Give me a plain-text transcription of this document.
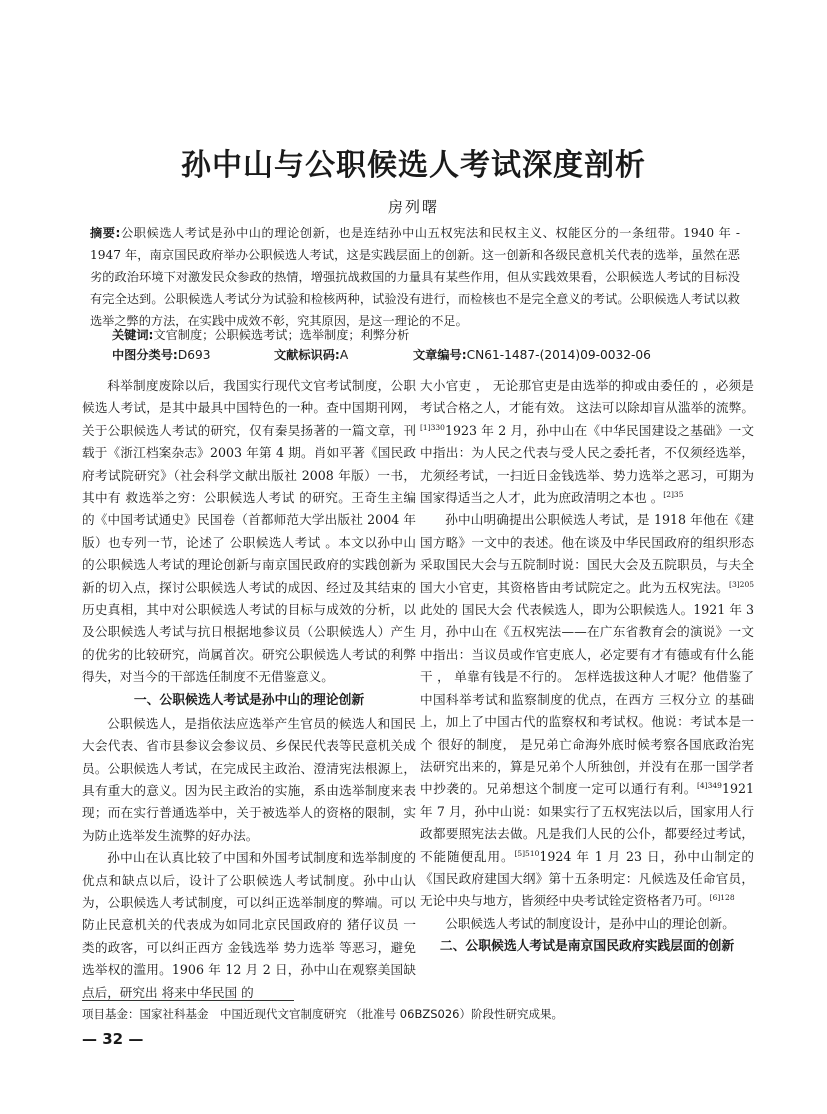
孙中山与公职候选人考试深度剖析
房列曙
摘要:公职候选人考试是孙中山的理论创新，也是连结孙中山五权宪法和民权主义、权能区分的一条纽带。1940 年 - 1947 年，南京国民政府举办公职候选人考试，这是实践层面上的创新。这一创新和各级民意机关代表的选举，虽然在恶劣的政治环境下对激发民众参政的热情，增强抗战救国的力量具有某些作用，但从实践效果看，公职候选人考试的目标没有完全达到。公职候选人考试分为试验和检核两种，试验没有进行，而检核也不是完全意义的考试。公职候选人考试以救选举之弊的方法，在实践中成效不彰，究其原因，是这一理论的不足。
关键词:文官制度；公职候选考试；选举制度；利弊分析
中图分类号:D693	文献标识码:A	文章编号:CN61-1487-(2014)09-0032-06

科举制度废除以后，我国实行现代文官考试制度，公职候选人考试，是其中最具中国特色的一种。查中国期刊网，关于公职候选人考试的研究，仅有秦昊扬著的一篇文章，刊载于《浙江档案杂志》2003 年第 4 期。肖如平著《国民政府考试院研究》（社会科学文献出版社 2008 年版）一书，其中有 救选举之穷：公职候选人考试 的研究。王奇生主编的《中国考试通史》民国卷（首都师范大学出版社 2004 年版）也专列一节，论述了 公职候选人考试 。本文以孙中山的公职候选人考试的理论创新与南京国民政府的实践创新为新的切入点，探讨公职候选人考试的成因、经过及其结束的历史真相，其中对公职候选人考试的目标与成效的分析，以及公职候选人考试与抗日根据地参议员（公职候选人）产生的优劣的比较研究，尚属首次。研究公职候选人考试的利弊得失，对当今的干部选任制度不无借鉴意义。

一、公职候选人考试是孙中山的理论创新

公职候选人，是指依法应选举产生官员的候选人和国民大会代表、省市县参议会参议员、乡保民代表等民意机关成员。公职候选人考试，在完成民主政治、澄清宪法根源上，具有重大的意义。因为民主政治的实施，系由选举制度来表现；而在实行普通选举中，关于被选举人的资格的限制，实为防止选举发生流弊的好办法。

孙中山在认真比较了中国和外国考试制度和选举制度的优点和缺点以后，设计了公职候选人考试制度。孙中山认为，公职候选人考试制度，可以纠正选举制度的弊端。可以防止民意机关的代表成为如同北京民国政府的 猪仔议员 一类的政客，可以纠正西方 金钱选举 势力选举 等恶习，避免选举权的滥用。1906 年 12 月 2 日，孙中山在观察美国缺点后，研究出 将来中华民国 的

大小官吏 ， 无论那官吏是由选举的抑或由委任的 ，必须是考试合格之人，才能有效。 这法可以除却盲从滥举的流弊。$^{[1]330}$1923 年 2 月，孙中山在《中华民国建设之基础》一文中指出：为人民之代表与受人民之委托者，不仅须经选举，尤须经考试，一扫近日金钱选举、势力选举之恶习，可期为国家得适当之人才，此为庶政清明之本也 。$^{[2]35}$

孙中山明确提出公职候选人考试，是 1918 年他在《建国方略》一文中的表述。他在谈及中华民国政府的组织形态采取国民大会与五院制时说：国民大会及五院职员，与夫全国大小官吏，其资格皆由考试院定之。此为五权宪法。$^{[3]205}$此处的 国民大会 代表候选人，即为公职候选人。1921 年 3 月，孙中山在《五权宪法——在广东省教育会的演说》一文中指出：当议员或作官吏底人，必定要有才有德或有什么能干 ， 单靠有钱是不行的。 怎样选拔这种人才呢？他借鉴了中国科举考试和监察制度的优点，在西方 三权分立 的基础上，加上了中国古代的监察权和考试权。他说：考试本是一个 很好的制度， 是兄弟亡命海外底时候考察各国底政治宪法研究出来的，算是兄弟个人所独创，并没有在那一国学者中抄袭的。兄弟想这个制度一定可以通行有利。$^{[4]349}$1921 年 7 月，孙中山说：如果实行了五权宪法以后，国家用人行政都要照宪法去做。凡是我们人民的公仆，都要经过考试，不能随便乱用。$^{[5]510}$1924 年 1 月 23 日，孙中山制定的《国民政府建国大纲》第十五条明定：凡候选及任命官员，无论中央与地方，皆须经中央考试铨定资格者乃可。$^{[6]128}$

公职候选人考试的制度设计，是孙中山的理论创新。

二、公职候选人考试是南京国民政府实践层面的创新
项目基金：国家社科基金　中国近现代文官制度研究 （批准号 06BZS026）阶段性研究成果。
— 32 —
